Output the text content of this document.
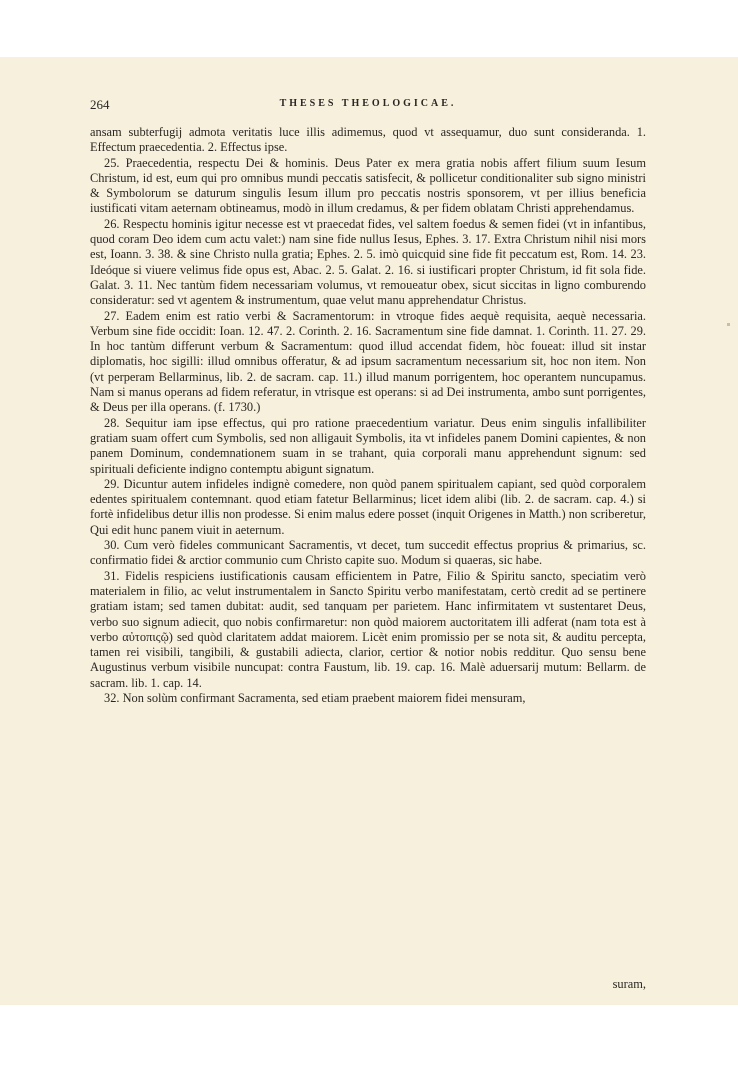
264	THESES THEOLOGICAE.

ansam subterfugij admota veritatis luce illis adimemus, quod vt assequamur, duo sunt consideranda. 1. Effectum praecedentia. 2. Effectus ipse.

25. Praecedentia, respectu Dei & hominis. Deus Pater ex mera gratia nobis affert filium suum Iesum Christum, id est, eum qui pro omnibus mundi peccatis satisfecit, & pollicetur conditionaliter sub signo ministri & Symbolorum se daturum singulis Iesum illum pro peccatis nostris sponsorem, vt per illius beneficia iustificati vitam aeternam obtineamus, modò in illum credamus, & per fidem oblatam Christi apprehendamus.

26. Respectu hominis igitur necesse est vt praecedat fides, vel saltem foedus & semen fidei (vt in infantibus, quod coram Deo idem cum actu valet:) nam sine fide nullus Iesus, Ephes. 3. 17. Extra Christum nihil nisi mors est, Ioann. 3. 38. & sine Christo nulla gratia; Ephes. 2. 5. imò quicquid sine fide fit peccatum est, Rom. 14. 23. Ideóque si viuere velimus fide opus est, Abac. 2. 5. Galat. 2. 16. si iustificari propter Christum, id fit sola fide. Galat. 3. 11. Nec tantùm fidem necessariam volumus, vt remoueatur obex, sicut siccitas in ligno comburendo consideratur: sed vt agentem & instrumentum, quae velut manu apprehendatur Christus.

27. Eadem enim est ratio verbi & Sacramentorum: in vtroque fides aequè requisita, aequè necessaria. Verbum sine fide occidit: Ioan. 12. 47. 2. Corinth. 2. 16. Sacramentum sine fide damnat. 1. Corinth. 11. 27. 29. In hoc tantùm differunt verbum & Sacramentum: quod illud accendat fidem, hòc foueat: illud sit instar diplomatis, hoc sigilli: illud omnibus offeratur, & ad ipsum sacramentum necessarium sit, hoc non item. Non (vt perperam Bellarminus, lib. 2. de sacram. cap. 11.) illud manum porrigentem, hoc operantem nuncupamus. Nam si manus operans ad fidem referatur, in vtrisque est operans: si ad Dei instrumenta, ambo sunt porrigentes, & Deus per illa operans. (f. 1730.)

28. Sequitur iam ipse effectus, qui pro ratione praecedentium variatur. Deus enim singulis infallibiliter gratiam suam offert cum Symbolis, sed non alligauit Symbolis, ita vt infideles panem Domini capientes, & non panem Dominum, condemnationem suam in se trahant, quia corporali manu apprehendunt signum: sed spirituali deficiente indigno contemptu abigunt signatum.

29. Dicuntur autem infideles indignè comedere, non quòd panem spiritualem capiant, sed quòd corporalem edentes spiritualem contemnant. quod etiam fatetur Bellarminus; licet idem alibi (lib. 2. de sacram. cap. 4.) si fortè infidelibus detur illis non prodesse. Si enim malus edere posset (inquit Origenes in Matth.) non scriberetur, Qui edit hunc panem viuit in aeternum.

30. Cum verò fideles communicant Sacramentis, vt decet, tum succedit effectus proprius & primarius, sc. confirmatio fidei & arctior communio cum Christo capite suo. Modum si quaeras, sic habe.

31. Fidelis respiciens iustificationis causam efficientem in Patre, Filio & Spiritu sancto, speciatim verò materialem in filio, ac velut instrumentalem in Sancto Spiritu verbo manifestatam, certò credit ad se pertinere gratiam istam; sed tamen dubitat: audit, sed tanquam per parietem. Hanc infirmitatem vt sustentaret Deus, verbo suo signum adiecit, quo nobis confirmaretur: non quòd maiorem auctoritatem illi adferat (nam tota est à verbo αὐτοπιςῷ) sed quòd claritatem addat maiorem. Licèt enim promissio per se nota sit, & auditu percepta, tamen rei visibili, tangibili, & gustabili adiecta, clarior, certior & notior nobis redditur. Quo sensu bene Augustinus verbum visibile nuncupat: contra Faustum, lib. 19. cap. 16. Malè aduersarij mutum: Bellarm. de sacram. lib. 1. cap. 14.

32. Non solùm confirmant Sacramenta, sed etiam praebent maiorem fidei mensuram,

suram,
